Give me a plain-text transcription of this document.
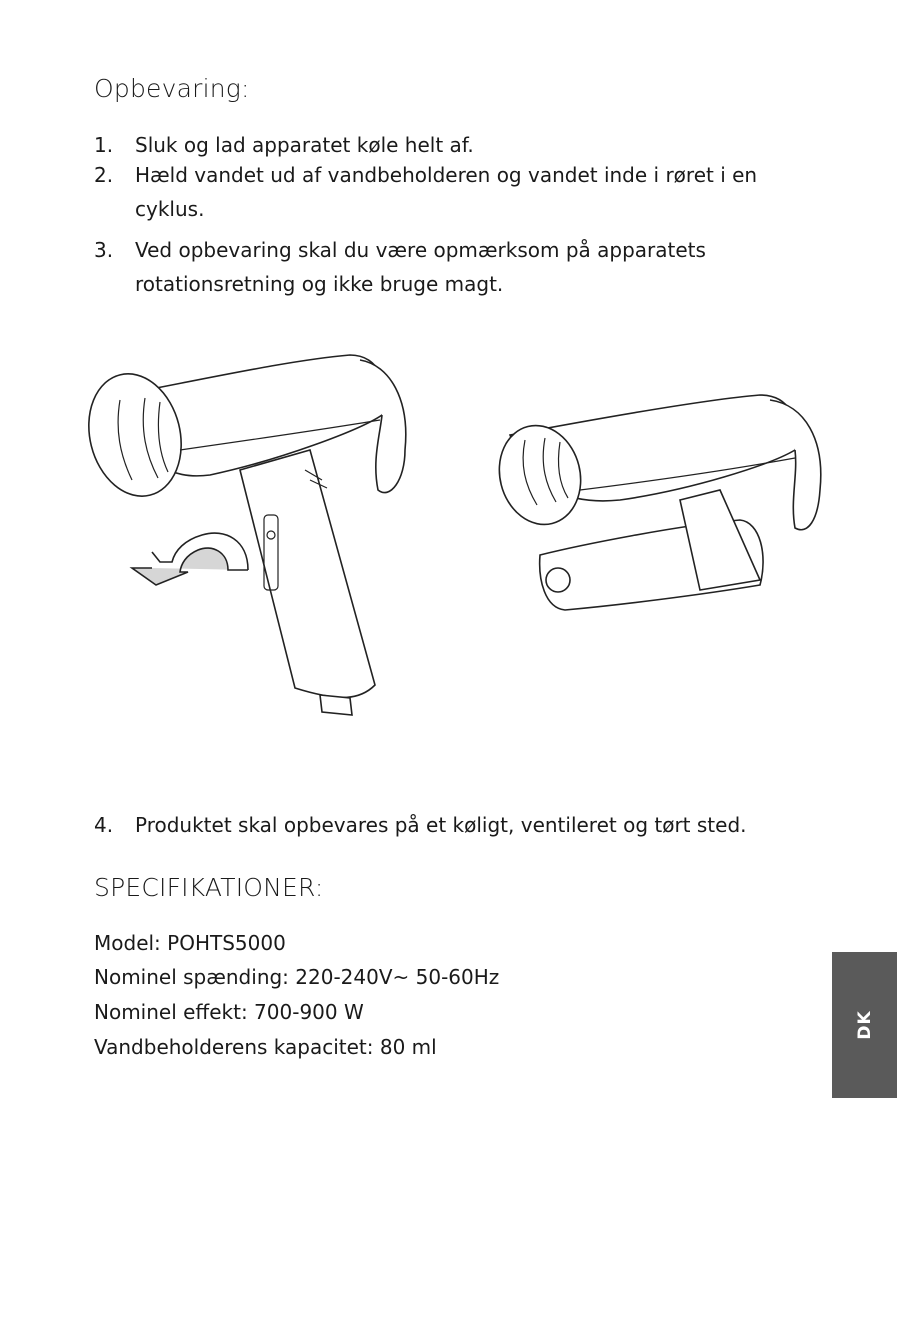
Opbevaring:
1. Sluk og lad apparatet køle helt af.
2. Hæld vandet ud af vandbeholderen og vandet inde i røret i en cyklus.
3. Ved opbevaring skal du være opmærksom på apparatets rotationsretning og ikke bruge magt.
4. Produktet skal opbevares på et køligt, ventileret og tørt sted.
SPECIFIKATIONER:
Model: POHTS5000
Nominel spænding: 220-240V~ 50-60Hz
Nominel effekt: 700-900 W
Vandbeholderens kapacitet: 80 ml
DK
